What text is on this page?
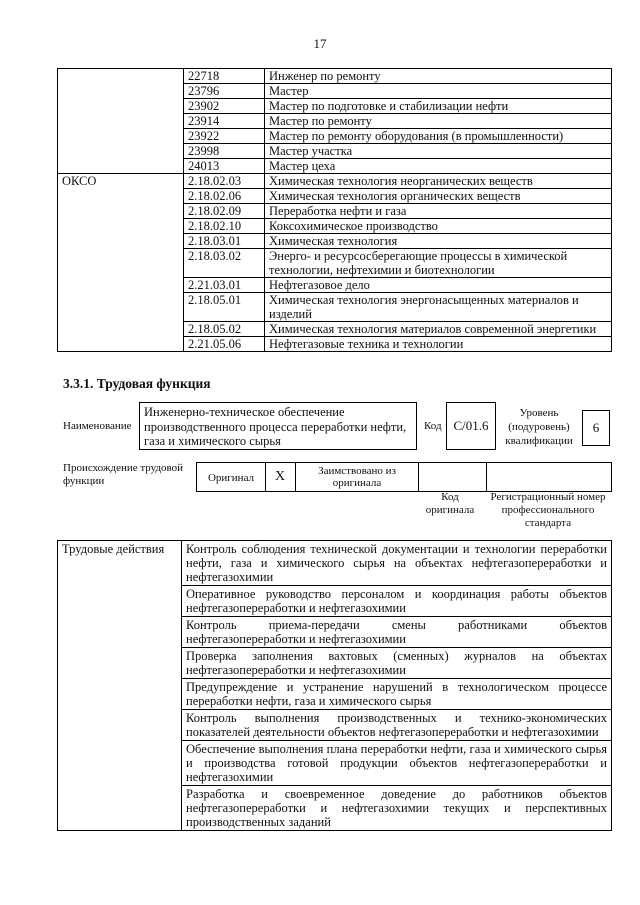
17
	22718	Инженер по ремонту
	23796	Мастер
	23902	Мастер по подготовке и стабилизации нефти
	23914	Мастер по ремонту
	23922	Мастер по ремонту оборудования (в промышленности)
	23998	Мастер участка
	24013	Мастер цеха
ОКСО	2.18.02.03	Химическая технология неорганических веществ
	2.18.02.06	Химическая технология органических веществ
	2.18.02.09	Переработка нефти и газа
	2.18.02.10	Коксохимическое производство
	2.18.03.01	Химическая технология
	2.18.03.02	Энерго- и ресурсосберегающие процессы в химической технологии, нефтехимии и биотехнологии
	2.21.03.01	Нефтегазовое дело
	2.18.05.01	Химическая технология энергонасыщенных материалов и изделий
	2.18.05.02	Химическая технология материалов современной энергетики
	2.21.05.06	Нефтегазовые техника и технологии
3.3.1. Трудовая функция
Наименование
Инженерно-техническое обеспечение производственного процесса переработки нефти, газа и химического сырья
Код C/01.6
Уровень (подуровень) квалификации
6
Происхождение трудовой функции	Оригинал	X	Заимствовано из оригинала
Код оригинала
Регистрационный номер профессионального стандарта
Трудовые действия	Контроль соблюдения технической документации и технологии переработки нефти, газа и химического сырья на объектах нефтегазопереработки и нефтегазохимии
Оперативное руководство персоналом и координация работы объектов нефтегазопереработки и нефтегазохимии
Контроль приема-передачи смены работниками объектов нефтегазопереработки и нефтегазохимии
Проверка заполнения вахтовых (сменных) журналов на объектах нефтегазопереработки и нефтегазохимии
Предупреждение и устранение нарушений в технологическом процессе переработки нефти, газа и химического сырья
Контроль выполнения производственных и технико-экономических показателей деятельности объектов нефтегазопереработки и нефтегазохимии
Обеспечение выполнения плана переработки нефти, газа и химического сырья и производства готовой продукции объектов нефтегазопереработки и нефтегазохимии
Разработка и своевременное доведение до работников объектов нефтегазопереработки и нефтегазохимии текущих и перспективных производственных заданий
